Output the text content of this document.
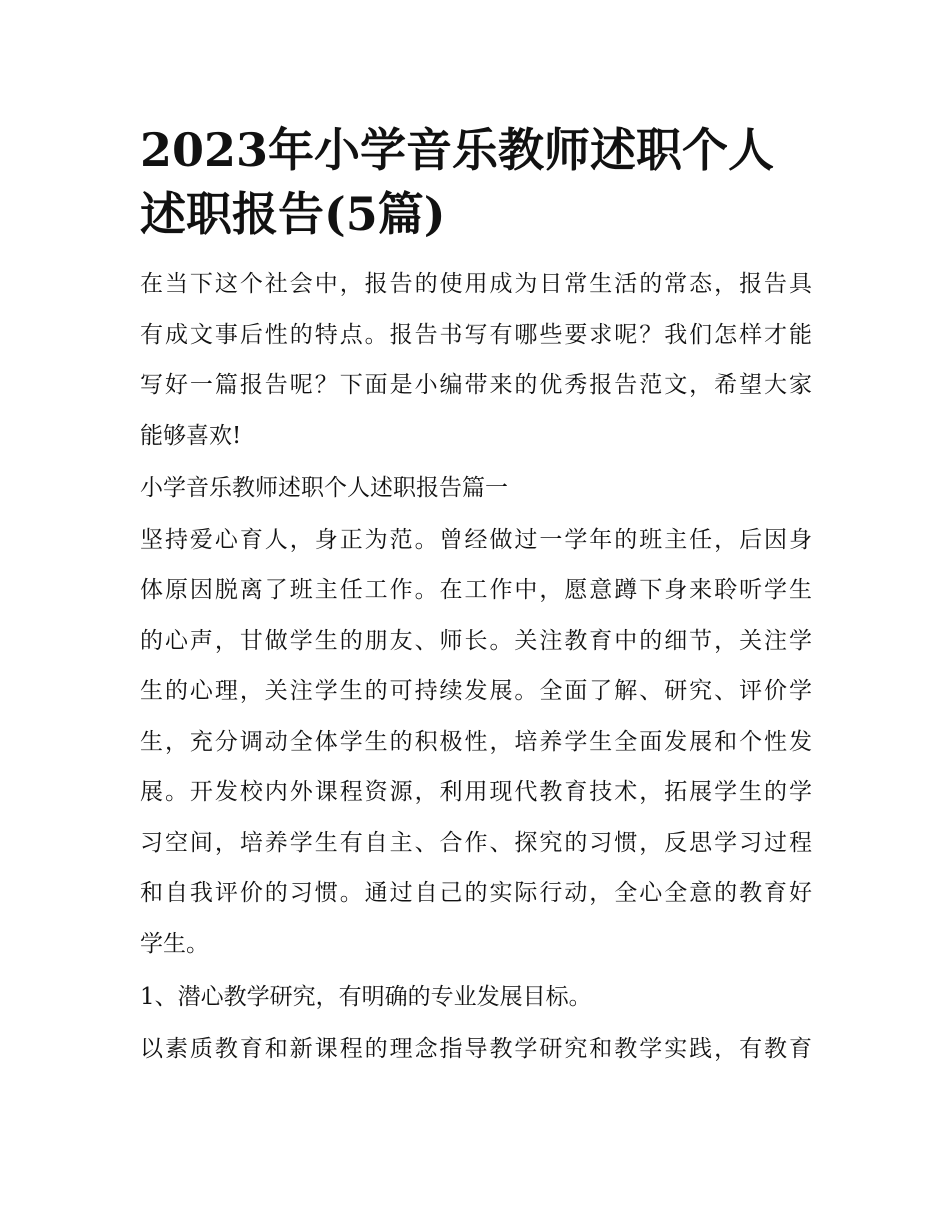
2023年小学音乐教师述职个人
述职报告(5篇)

在当下这个社会中，报告的使用成为日常生活的常态，报告具
有成文事后性的特点。报告书写有哪些要求呢？我们怎样才能
写好一篇报告呢？下面是小编带来的优秀报告范文，希望大家
能够喜欢!

小学音乐教师述职个人述职报告篇一

坚持爱心育人，身正为范。曾经做过一学年的班主任，后因身
体原因脱离了班主任工作。在工作中，愿意蹲下身来聆听学生
的心声，甘做学生的朋友、师长。关注教育中的细节，关注学
生的心理，关注学生的可持续发展。全面了解、研究、评价学
生，充分调动全体学生的积极性，培养学生全面发展和个性发
展。开发校内外课程资源，利用现代教育技术，拓展学生的学
习空间，培养学生有自主、合作、探究的习惯，反思学习过程
和自我评价的习惯。通过自己的实际行动，全心全意的教育好
学生。

1、潜心教学研究，有明确的专业发展目标。

以素质教育和新课程的理念指导教学研究和教学实践，有教育
